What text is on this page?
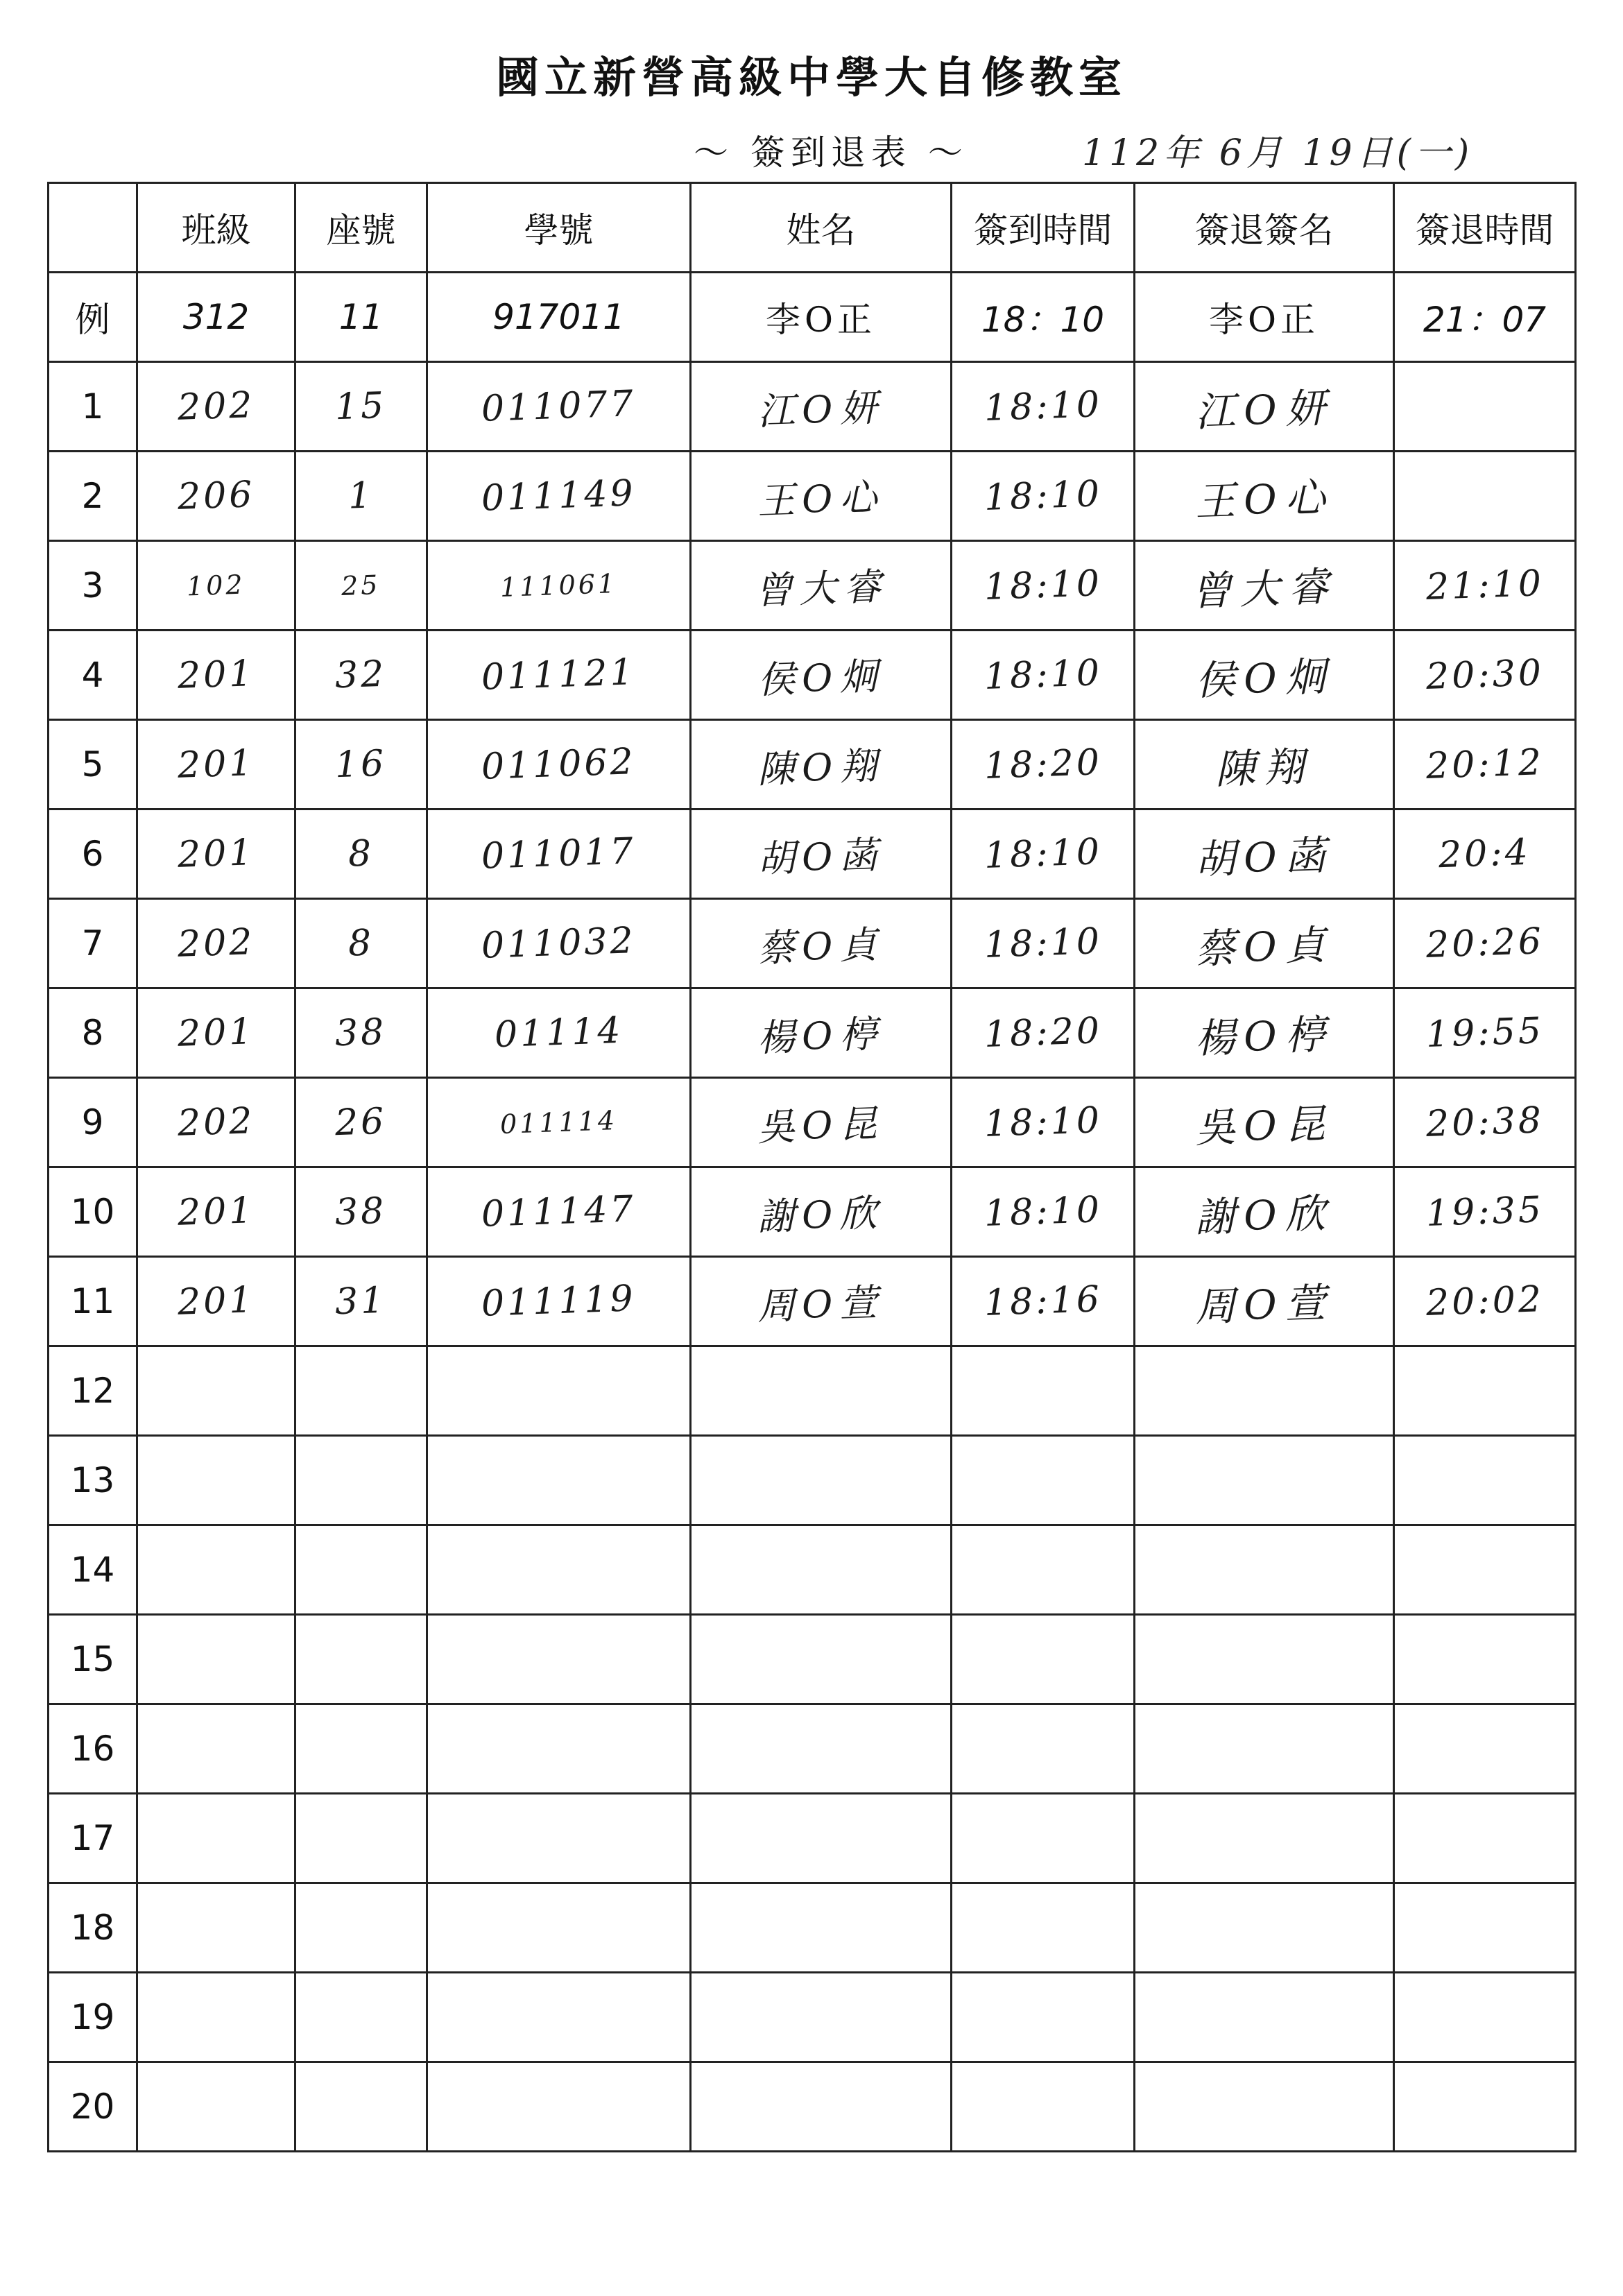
國立新營高級中學大自修教室
〜 簽到退表 〜	112年 6月 19日(一)
	班級	座號	學號	姓名	簽到時間	簽退簽名	簽退時間
例	312	11	917011	李O正	18：10	李O正	21：07
1	202	15	011077	江O妍	18:10	江O妍	
2	206	1	011149	王O心	18:10	王O心	
3	102	25	111061	曾大睿	18:10	曾大睿	21:10
4	201	32	011121	侯O炯	18:10	侯O炯	20:30
5	201	16	011062	陳O翔	18:20	陳翔	20:12
6	201	8	011017	胡O菡	18:10	胡O菡	20:4
7	202	8	011032	蔡O貞	18:10	蔡O貞	20:26
8	201	38	01114	楊O楟	18:20	楊O楟	19:55
9	202	26	011114	吳O昆	18:10	吳O昆	20:38
10	201	38	011147	謝O欣	18:10	謝O欣	19:35
11	201	31	011119	周O萱	18:16	周O萱	20:02
12							
13							
14							
15							
16							
17							
18							
19							
20							
